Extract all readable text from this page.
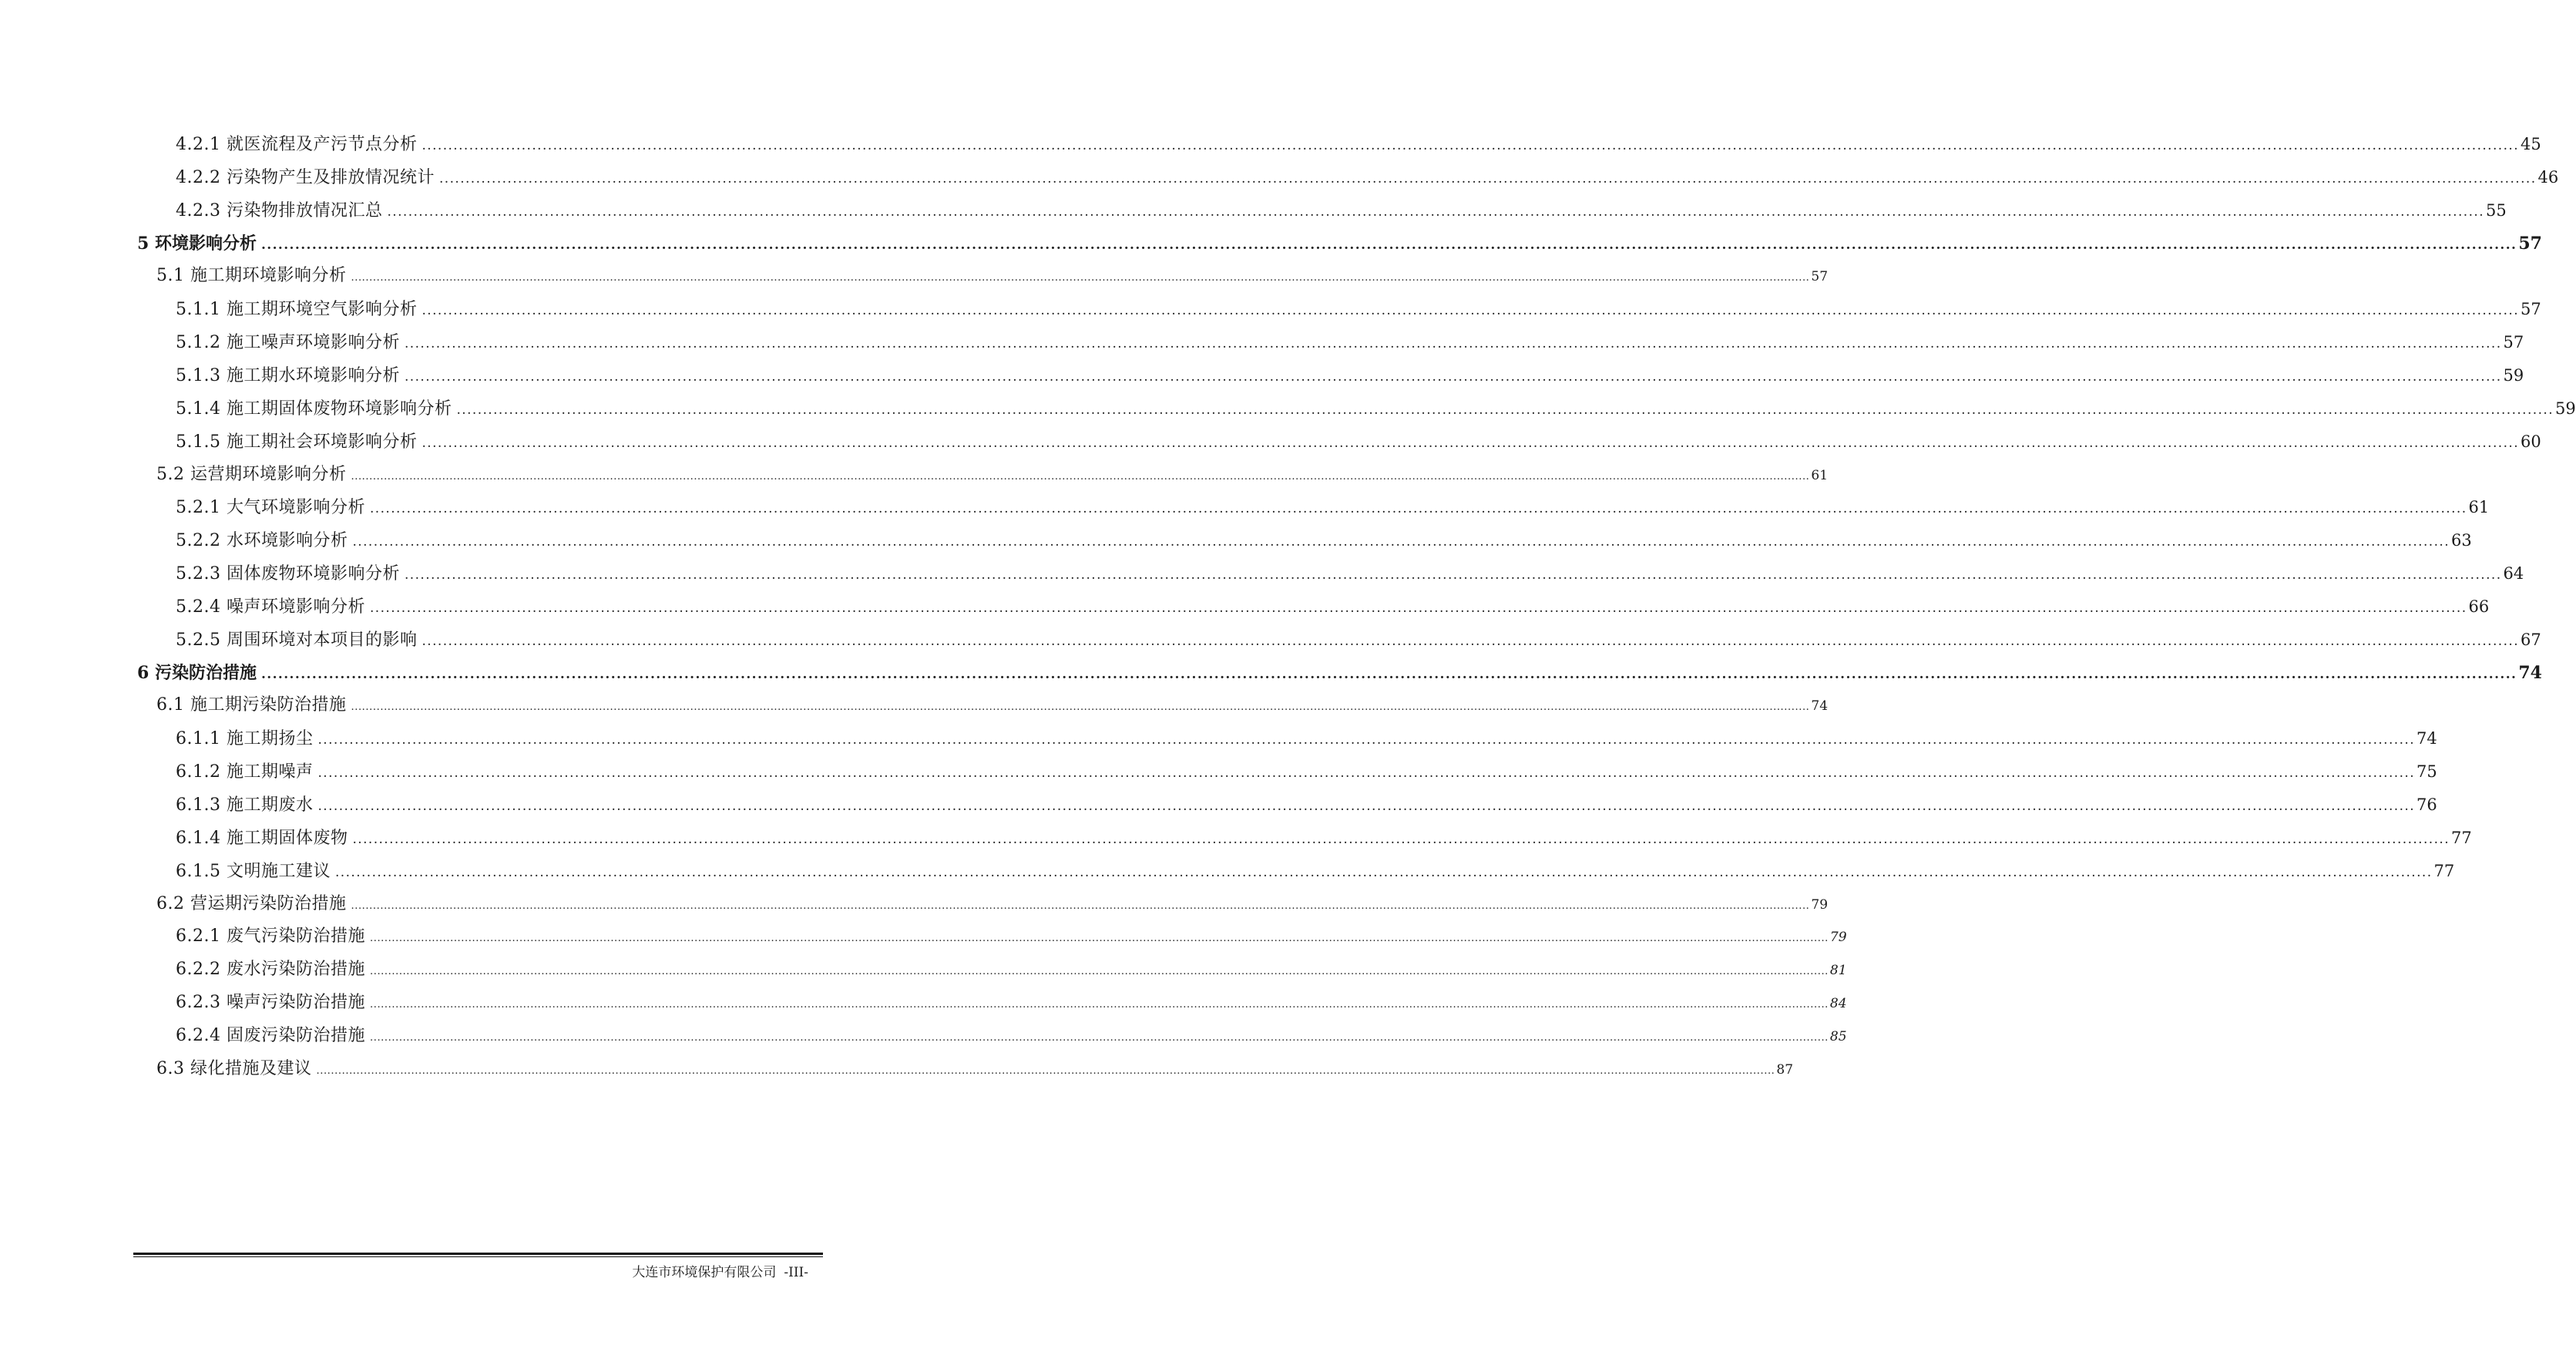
4.2.1 就医流程及产污节点分析 ................................................................................................................................................................................................................................................................................................................................................................................................................ 45
4.2.2 污染物产生及排放情况统计 ................................................................................................................................................................................................................................................................................................................................................................................................................ 46
4.2.3 污染物排放情况汇总 ................................................................................................................................................................................................................................................................................................................................................................................................................ 55
5 环境影响分析 ................................................................................................................................................................................................................................................................................................................................................................................................................ 57
5.1 施工期环境影响分析 ................................................................................................................................................................................................................................................................................................................................................................................................................ 57
5.1.1 施工期环境空气影响分析 ................................................................................................................................................................................................................................................................................................................................................................................................................ 57
5.1.2 施工噪声环境影响分析 ................................................................................................................................................................................................................................................................................................................................................................................................................ 57
5.1.3 施工期水环境影响分析 ................................................................................................................................................................................................................................................................................................................................................................................................................ 59
5.1.4 施工期固体废物环境影响分析 ................................................................................................................................................................................................................................................................................................................................................................................................................ 59
5.1.5 施工期社会环境影响分析 ................................................................................................................................................................................................................................................................................................................................................................................................................ 60
5.2 运营期环境影响分析 ................................................................................................................................................................................................................................................................................................................................................................................................................ 61
5.2.1 大气环境影响分析 ................................................................................................................................................................................................................................................................................................................................................................................................................ 61
5.2.2 水环境影响分析 ................................................................................................................................................................................................................................................................................................................................................................................................................ 63
5.2.3 固体废物环境影响分析 ................................................................................................................................................................................................................................................................................................................................................................................................................ 64
5.2.4 噪声环境影响分析 ................................................................................................................................................................................................................................................................................................................................................................................................................ 66
5.2.5 周围环境对本项目的影响 ................................................................................................................................................................................................................................................................................................................................................................................................................ 67
6 污染防治措施 ................................................................................................................................................................................................................................................................................................................................................................................................................ 74
6.1 施工期污染防治措施 ................................................................................................................................................................................................................................................................................................................................................................................................................ 74
6.1.1 施工期扬尘 ................................................................................................................................................................................................................................................................................................................................................................................................................ 74
6.1.2 施工期噪声 ................................................................................................................................................................................................................................................................................................................................................................................................................ 75
6.1.3 施工期废水 ................................................................................................................................................................................................................................................................................................................................................................................................................ 76
6.1.4 施工期固体废物 ................................................................................................................................................................................................................................................................................................................................................................................................................ 77
6.1.5 文明施工建议 ................................................................................................................................................................................................................................................................................................................................................................................................................ 77
6.2 营运期污染防治措施 ................................................................................................................................................................................................................................................................................................................................................................................................................ 79
6.2.1 废气污染防治措施 ................................................................................................................................................................................................................................................................................................................................................................................................................ 79
6.2.2 废水污染防治措施 ................................................................................................................................................................................................................................................................................................................................................................................................................ 81
6.2.3 噪声污染防治措施 ................................................................................................................................................................................................................................................................................................................................................................................................................ 84
6.2.4 固废污染防治措施 ................................................................................................................................................................................................................................................................................................................................................................................................................ 85
6.3 绿化措施及建议 ................................................................................................................................................................................................................................................................................................................................................................................................................ 87
大连市环境保护有限公司 -III-
